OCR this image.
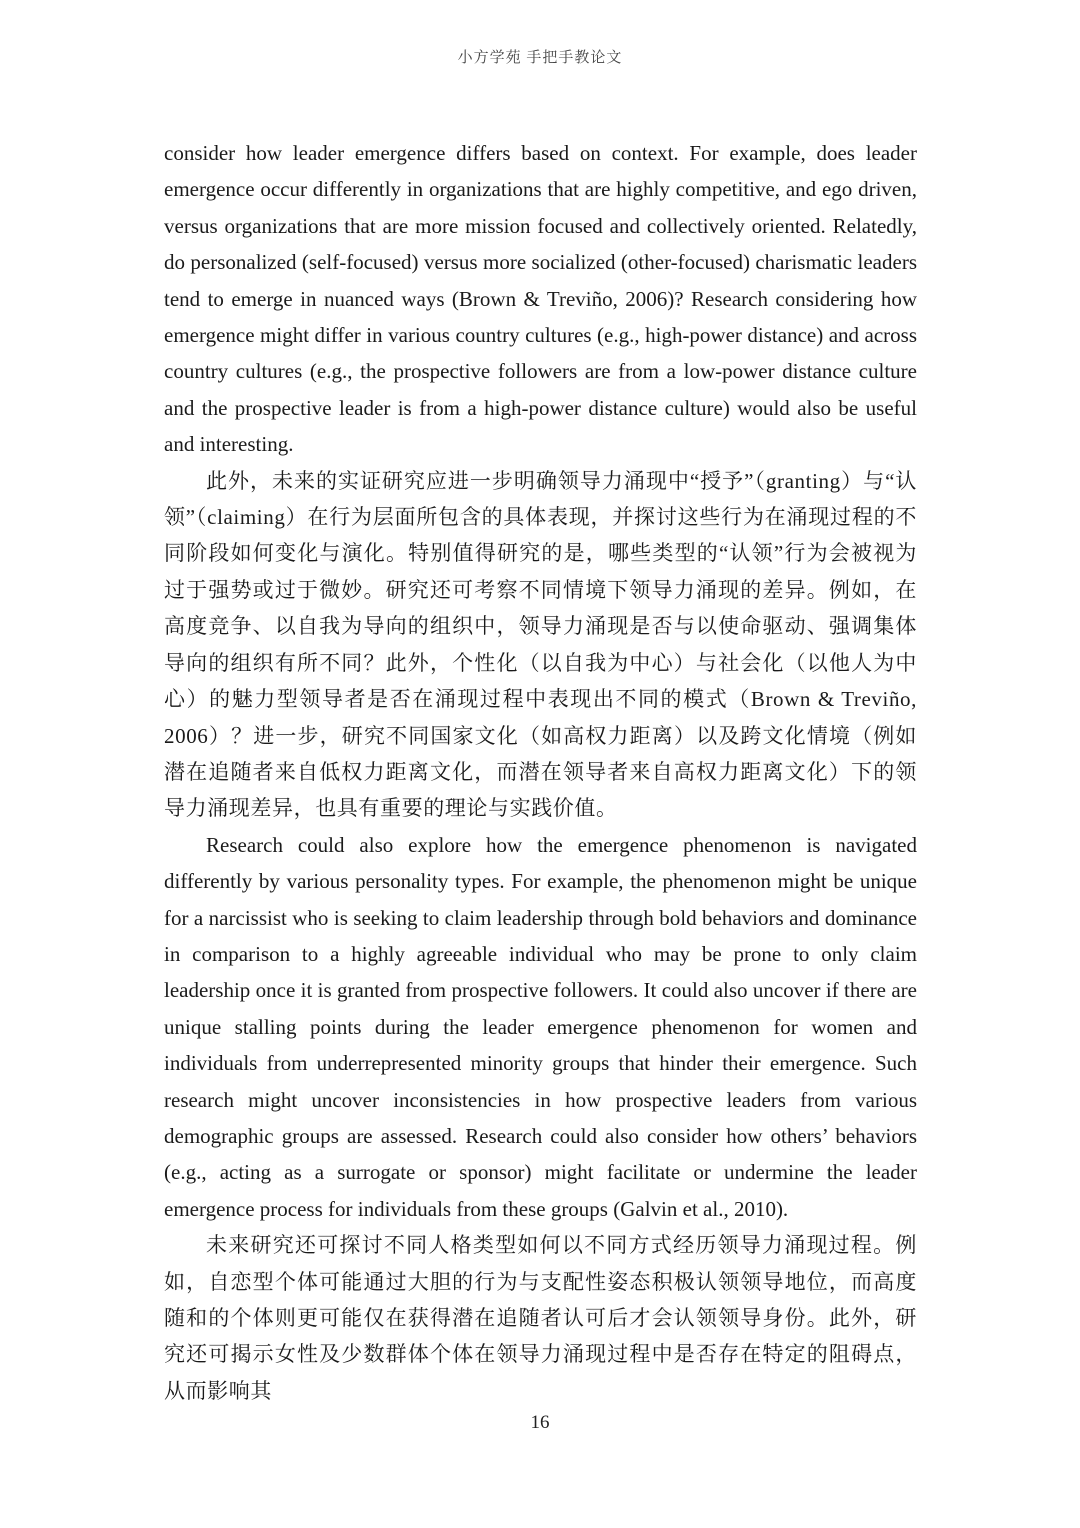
小方学苑 手把手教论文

consider how leader emergence differs based on context. For example, does leader emergence occur differently in organizations that are highly competitive, and ego driven, versus organizations that are more mission focused and collectively oriented. Relatedly, do personalized (self-focused) versus more socialized (other-focused) charismatic leaders tend to emerge in nuanced ways (Brown & Treviño, 2006)? Research considering how emergence might differ in various country cultures (e.g., high-power distance) and across country cultures (e.g., the prospective followers are from a low-power distance culture and the prospective leader is from a high-power distance culture) would also be useful and interesting.

此外，未来的实证研究应进一步明确领导力涌现中“授予”（granting）与“认领”（claiming）在行为层面所包含的具体表现，并探讨这些行为在涌现过程的不同阶段如何变化与演化。特别值得研究的是，哪些类型的“认领”行为会被视为过于强势或过于微妙。研究还可考察不同情境下领导力涌现的差异。例如，在高度竞争、以自我为导向的组织中，领导力涌现是否与以使命驱动、强调集体导向的组织有所不同？此外，个性化（以自我为中心）与社会化（以他人为中心）的魅力型领导者是否在涌现过程中表现出不同的模式（Brown & Treviño, 2006）？进一步，研究不同国家文化（如高权力距离）以及跨文化情境（例如潜在追随者来自低权力距离文化，而潜在领导者来自高权力距离文化）下的领导力涌现差异，也具有重要的理论与实践价值。

Research could also explore how the emergence phenomenon is navigated differently by various personality types. For example, the phenomenon might be unique for a narcissist who is seeking to claim leadership through bold behaviors and dominance in comparison to a highly agreeable individual who may be prone to only claim leadership once it is granted from prospective followers. It could also uncover if there are unique stalling points during the leader emergence phenomenon for women and individuals from underrepresented minority groups that hinder their emergence. Such research might uncover inconsistencies in how prospective leaders from various demographic groups are assessed. Research could also consider how others’ behaviors (e.g., acting as a surrogate or sponsor) might facilitate or undermine the leader emergence process for individuals from these groups (Galvin et al., 2010).

未来研究还可探讨不同人格类型如何以不同方式经历领导力涌现过程。例如，自恋型个体可能通过大胆的行为与支配性姿态积极认领领导地位，而高度随和的个体则更可能仅在获得潜在追随者认可后才会认领领导身份。此外，研究还可揭示女性及少数群体个体在领导力涌现过程中是否存在特定的阻碍点，从而影响其

16
